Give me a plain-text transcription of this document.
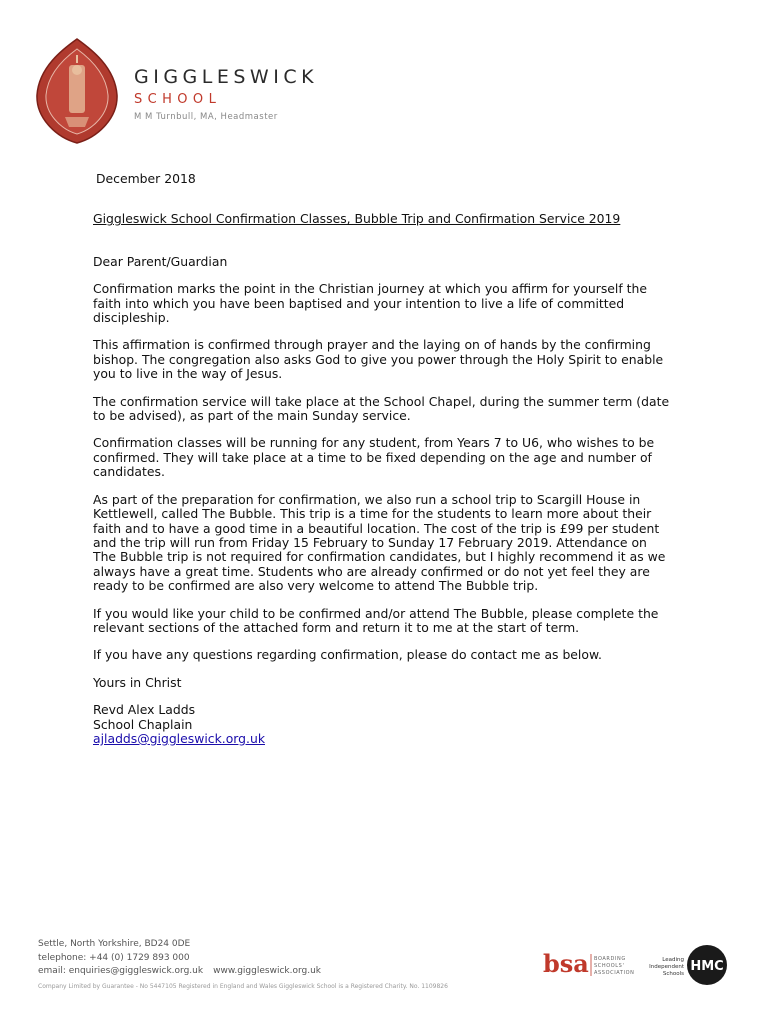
GIGGLESWICK
SCHOOL
M M Turnbull, MA, Headmaster

December 2018

Giggleswick School Confirmation Classes, Bubble Trip and Confirmation Service 2019

Dear Parent/Guardian

Confirmation marks the point in the Christian journey at which you affirm for yourself the
faith into which you have been baptised and your intention to live a life of committed
discipleship.

This affirmation is confirmed through prayer and the laying on of hands by the confirming
bishop. The congregation also asks God to give you power through the Holy Spirit to enable
you to live in the way of Jesus.

The confirmation service will take place at the School Chapel, during the summer term (date
to be advised), as part of the main Sunday service.

Confirmation classes will be running for any student, from Years 7 to U6, who wishes to be
confirmed. They will take place at a time to be fixed depending on the age and number of
candidates.

As part of the preparation for confirmation, we also run a school trip to Scargill House in
Kettlewell, called The Bubble. This trip is a time for the students to learn more about their
faith and to have a good time in a beautiful location. The cost of the trip is £99 per student
and the trip will run from Friday 15 February to Sunday 17 February 2019. Attendance on
The Bubble trip is not required for confirmation candidates, but I highly recommend it as we
always have a great time. Students who are already confirmed or do not yet feel they are
ready to be confirmed are also very welcome to attend The Bubble trip.

If you would like your child to be confirmed and/or attend The Bubble, please complete the
relevant sections of the attached form and return it to me at the start of term.

If you have any questions regarding confirmation, please do contact me as below.

Yours in Christ

Revd Alex Ladds

School Chaplain

ajladds@giggleswick.org.uk

Settle, North Yorkshire, BD24 0DE
telephone: +44 (0) 1729 893 000
email: enquiries@giggleswick.org.uk www.giggleswick.org.uk
Company Limited by Guarantee - No 5447105 Registered in England and Wales Giggleswick School is a Registered Charity. No. 1109826
bsa BOARDING
SCHOOLS'
ASSOCIATION
Leading
Independent
Schools HMC
